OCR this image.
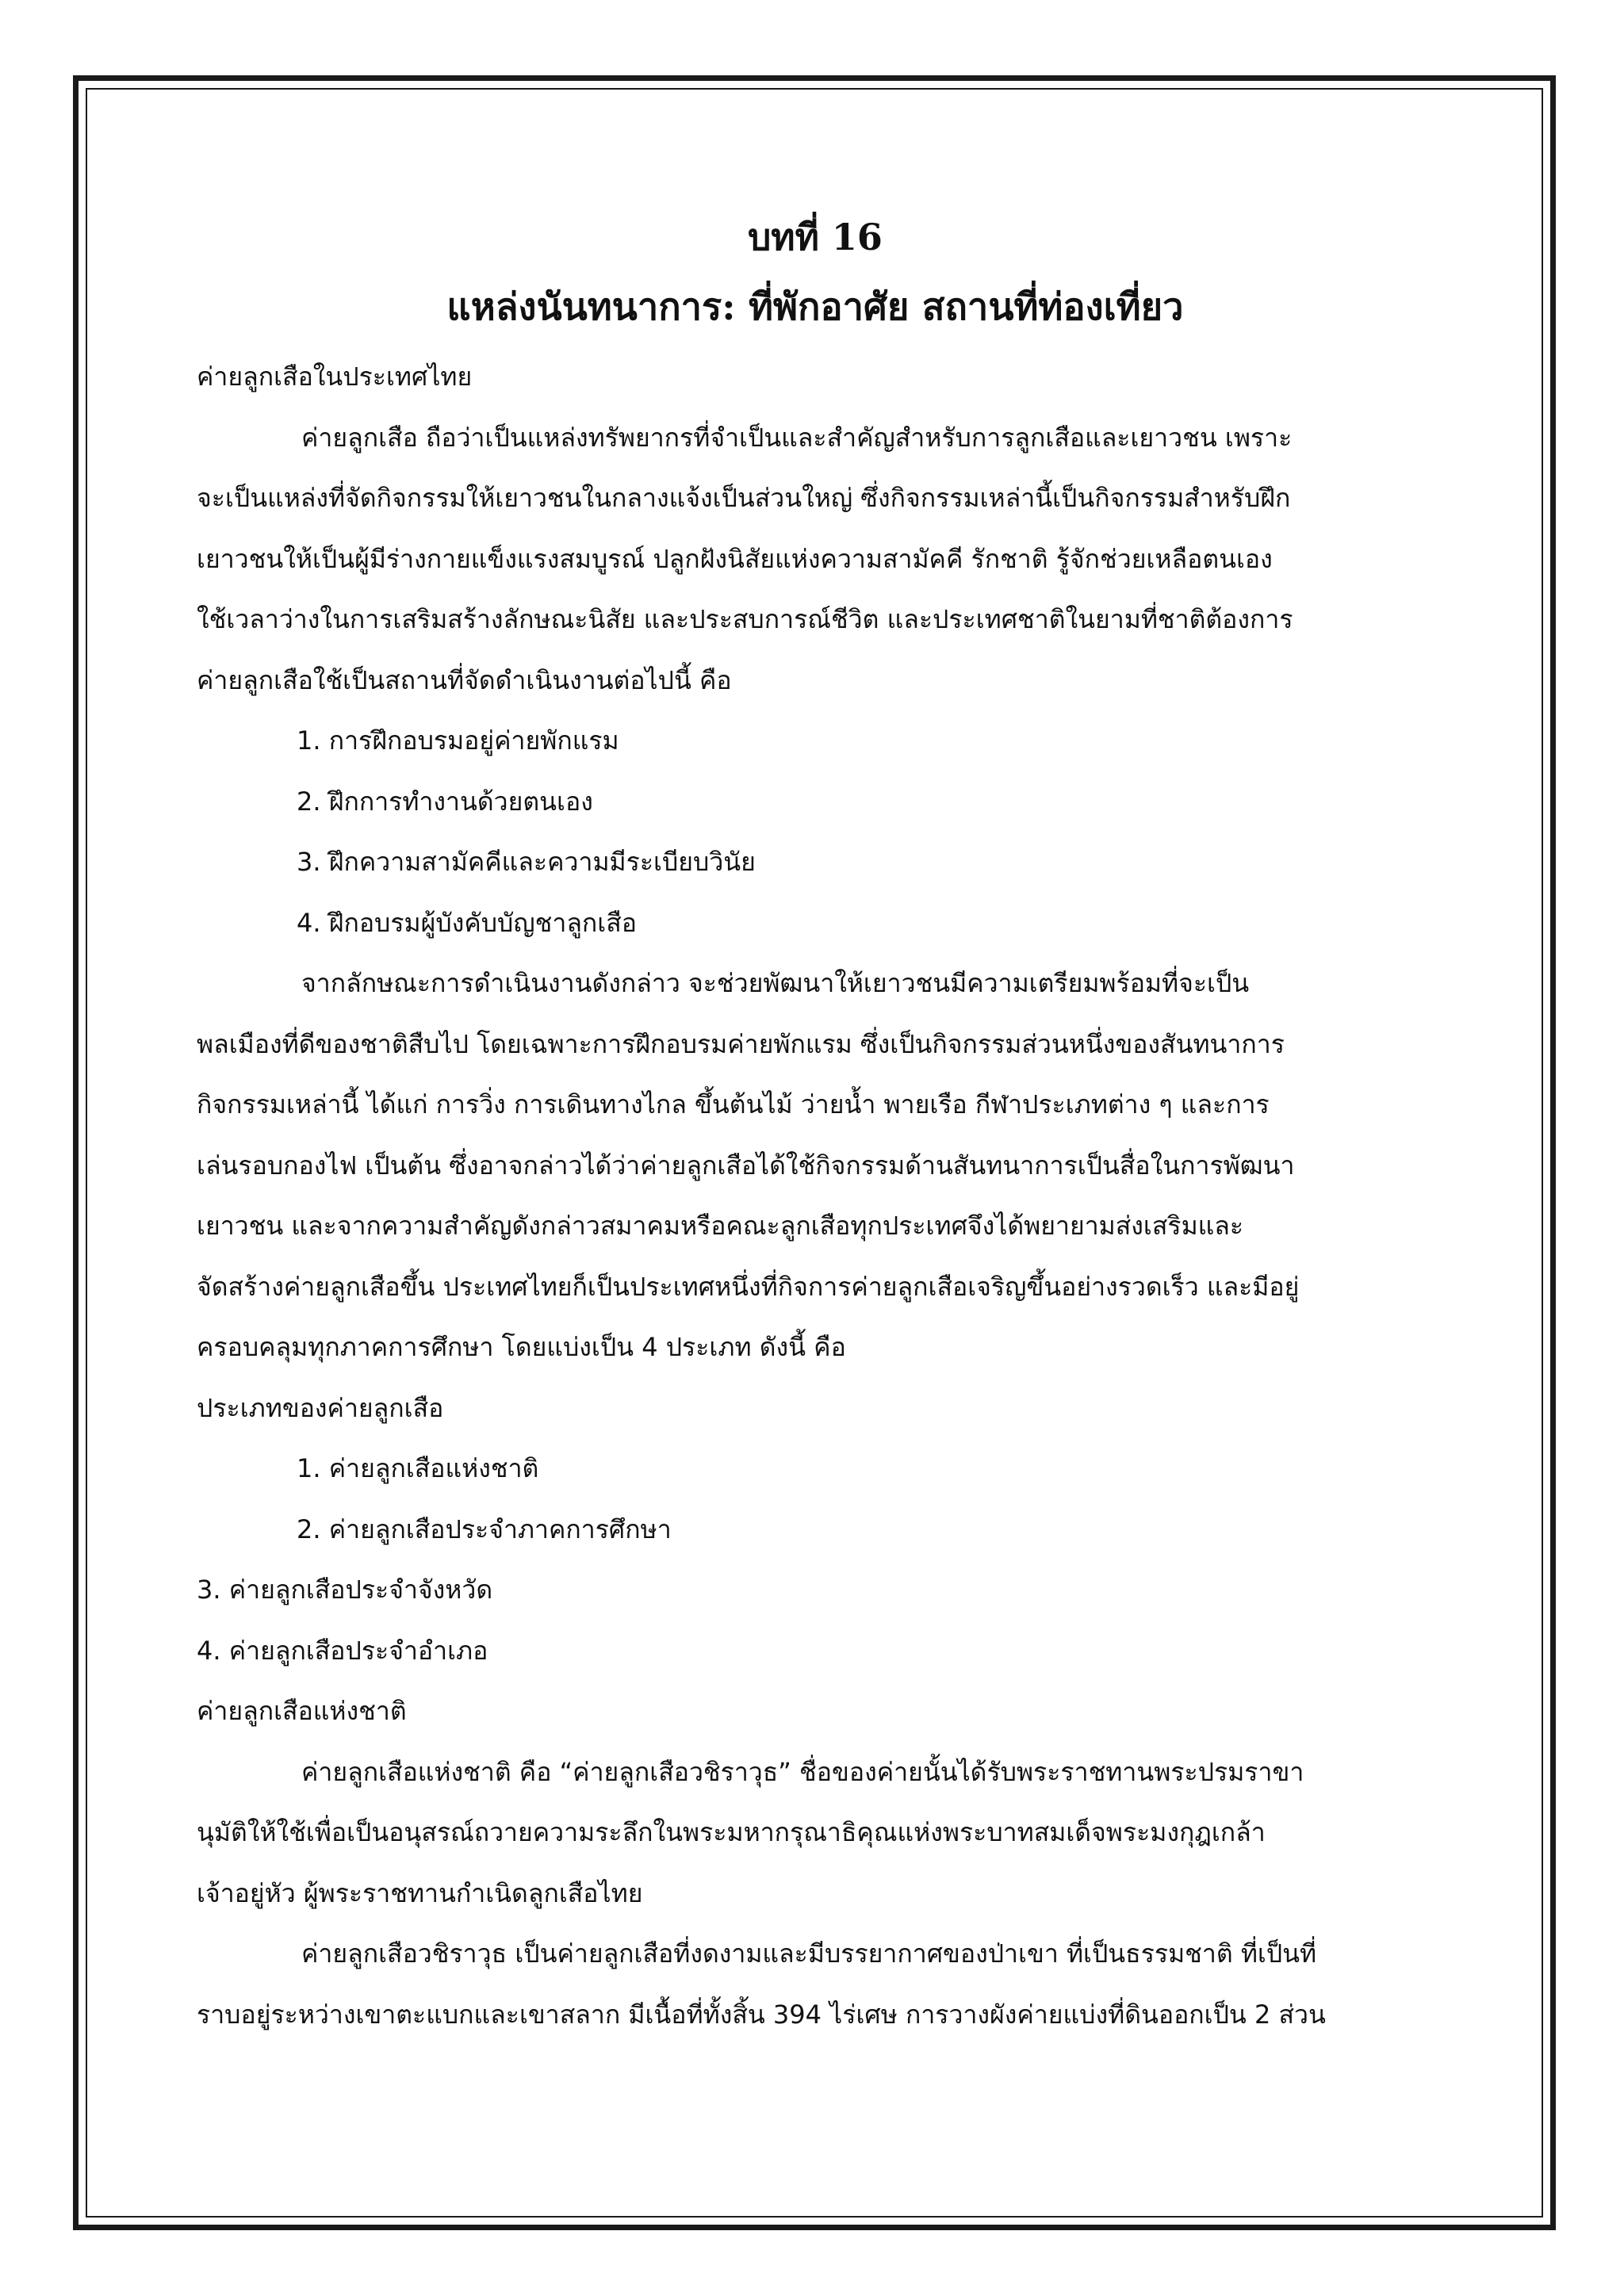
บทที่ 16
แหล่งนันทนาการ: ที่พักอาศัย สถานที่ท่องเที่ยว

ค่ายลูกเสือในประเทศไทย

ค่ายลูกเสือ ถือว่าเป็นแหล่งทรัพยากรที่จำเป็นและสำคัญสำหรับการลูกเสือและเยาวชน เพราะ

จะเป็นแหล่งที่จัดกิจกรรมให้เยาวชนในกลางแจ้งเป็นส่วนใหญ่ ซึ่งกิจกรรมเหล่านี้เป็นกิจกรรมสำหรับฝึก

เยาวชนให้เป็นผู้มีร่างกายแข็งแรงสมบูรณ์ ปลูกฝังนิสัยแห่งความสามัคคี รักชาติ รู้จักช่วยเหลือตนเอง

ใช้เวลาว่างในการเสริมสร้างลักษณะนิสัย และประสบการณ์ชีวิต และประเทศชาติในยามที่ชาติต้องการ

ค่ายลูกเสือใช้เป็นสถานที่จัดดำเนินงานต่อไปนี้ คือ

1. การฝึกอบรมอยู่ค่ายพักแรม

2. ฝึกการทำงานด้วยตนเอง

3. ฝึกความสามัคคีและความมีระเบียบวินัย

4. ฝึกอบรมผู้บังคับบัญชาลูกเสือ

จากลักษณะการดำเนินงานดังกล่าว จะช่วยพัฒนาให้เยาวชนมีความเตรียมพร้อมที่จะเป็น

พลเมืองที่ดีของชาติสืบไป โดยเฉพาะการฝึกอบรมค่ายพักแรม ซึ่งเป็นกิจกรรมส่วนหนึ่งของสันทนาการ

กิจกรรมเหล่านี้ ได้แก่ การวิ่ง การเดินทางไกล ขึ้นต้นไม้ ว่ายน้ำ พายเรือ กีฬาประเภทต่าง ๆ และการ

เล่นรอบกองไฟ เป็นต้น ซึ่งอาจกล่าวได้ว่าค่ายลูกเสือได้ใช้กิจกรรมด้านสันทนาการเป็นสื่อในการพัฒนา

เยาวชน และจากความสำคัญดังกล่าวสมาคมหรือคณะลูกเสือทุกประเทศจึงได้พยายามส่งเสริมและ

จัดสร้างค่ายลูกเสือขึ้น ประเทศไทยก็เป็นประเทศหนึ่งที่กิจการค่ายลูกเสือเจริญขึ้นอย่างรวดเร็ว และมีอยู่

ครอบคลุมทุกภาคการศึกษา โดยแบ่งเป็น 4 ประเภท ดังนี้ คือ

ประเภทของค่ายลูกเสือ

1. ค่ายลูกเสือแห่งชาติ

2. ค่ายลูกเสือประจำภาคการศึกษา

3. ค่ายลูกเสือประจำจังหวัด

4. ค่ายลูกเสือประจำอำเภอ

ค่ายลูกเสือแห่งชาติ

ค่ายลูกเสือแห่งชาติ คือ “ค่ายลูกเสือวชิราวุธ” ชื่อของค่ายนั้นได้รับพระราชทานพระปรมราขา

นุมัติให้ใช้เพื่อเป็นอนุสรณ์ถวายความระลึกในพระมหากรุณาธิคุณแห่งพระบาทสมเด็จพระมงกุฎเกล้า

เจ้าอยู่หัว ผู้พระราชทานกำเนิดลูกเสือไทย

ค่ายลูกเสือวชิราวุธ เป็นค่ายลูกเสือที่งดงามและมีบรรยากาศของป่าเขา ที่เป็นธรรมชาติ ที่เป็นที่

ราบอยู่ระหว่างเขาตะแบกและเขาสลาก มีเนื้อที่ทั้งสิ้น 394 ไร่เศษ การวางผังค่ายแบ่งที่ดินออกเป็น 2 ส่วน
